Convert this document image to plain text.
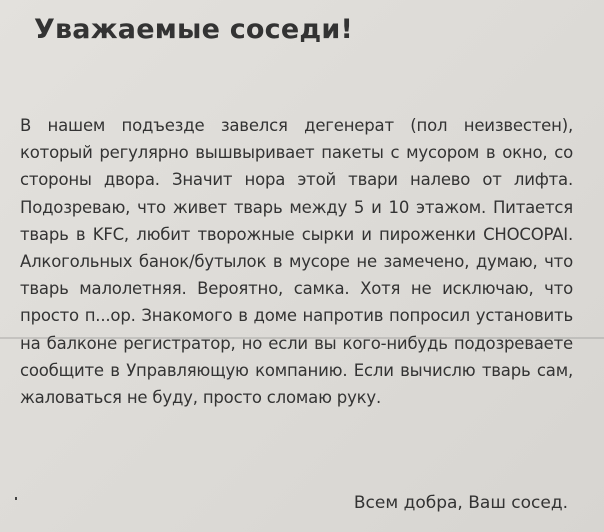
Уважаемые соседи!

В нашем подъезде завелся дегенерат (пол неизвестен), который регулярно вышвыривает пакеты с мусором в окно, со стороны двора. Значит нора этой твари налево от лифта. Подозреваю, что живет тварь между 5 и 10 этажом. Питается тварь в KFC, любит творожные сырки и пироженки CHOCOPAI. Алкогольных банок/бутылок в мусоре не замечено, думаю, что тварь малолетняя. Вероятно, самка. Хотя не исключаю, что просто п...ор. Знакомого в доме напротив попросил установить на балконе регистратор, но если вы кого-нибудь подозреваете сообщите в Управляющую компанию. Если вычислю тварь сам, жаловаться не буду, просто сломаю руку.

Всем добра, Ваш сосед.
